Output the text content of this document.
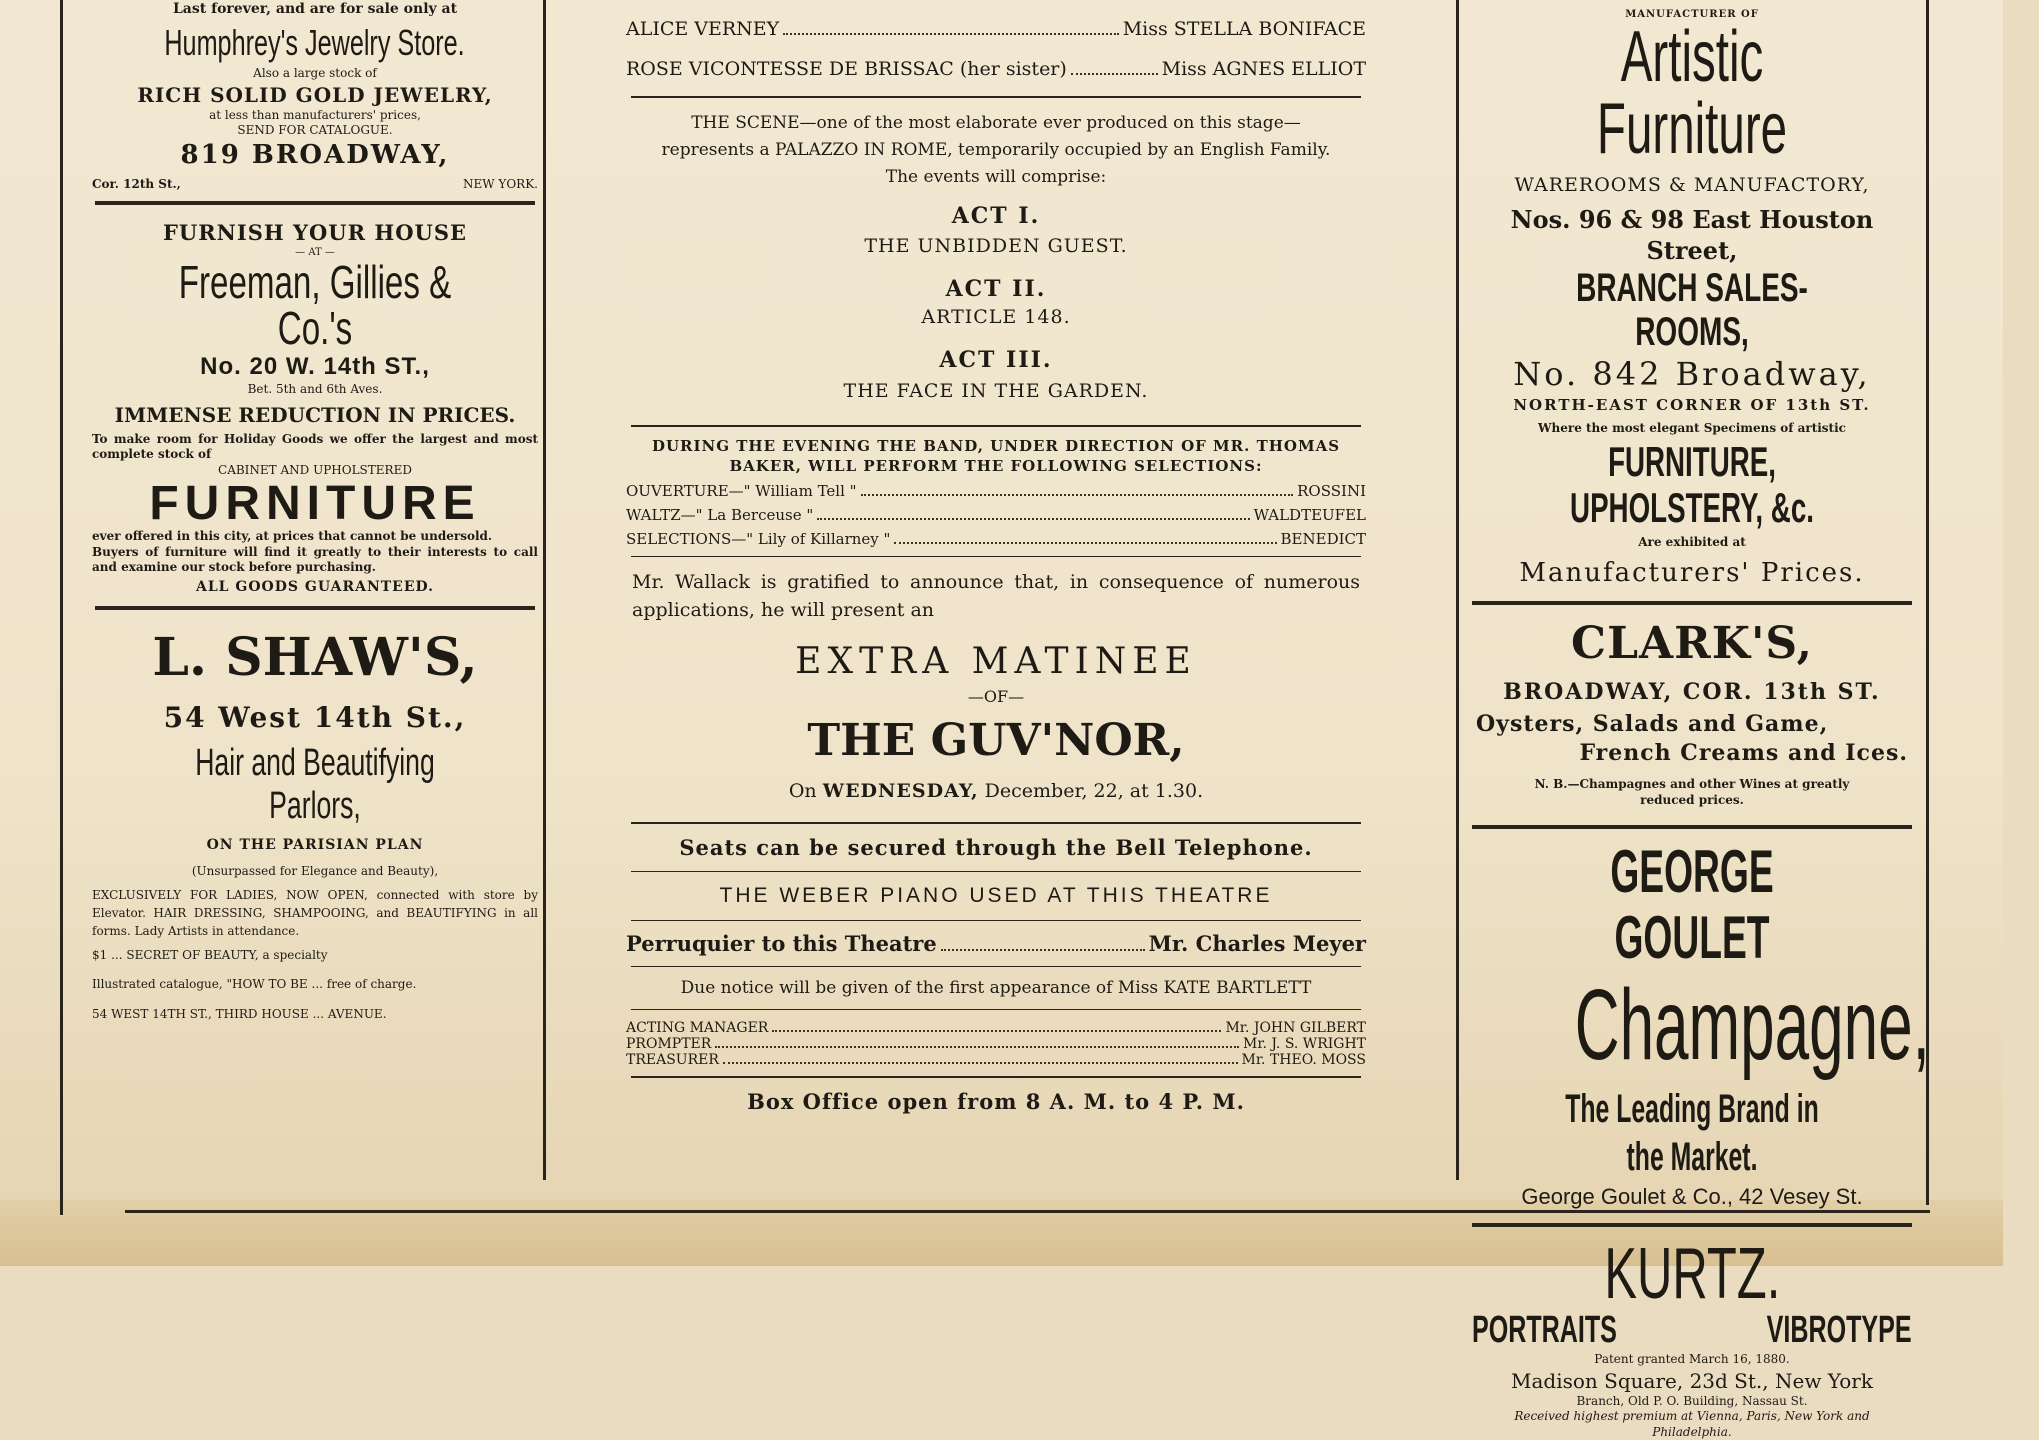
Last forever, and are for sale only at

Humphrey's Jewelry Store.

Also a large stock of

RICH SOLID GOLD JEWELRY,

at less than manufacturers' prices,

SEND FOR CATALOGUE.

819 BROADWAY,

Cor. 12th St.,	NEW YORK.

FURNISH YOUR HOUSE

— AT —

Freeman, Gillies & Co.'s

No. 20 W. 14th ST.,

Bet. 5th and 6th Aves.

IMMENSE REDUCTION IN PRICES.

To make room for Holiday Goods we offer the largest and most complete stock of

CABINET AND UPHOLSTERED

FURNITURE

ever offered in this city, at prices that cannot be undersold.

Buyers of furniture will find it greatly to their interests to call and examine our stock before purchasing.

ALL GOODS GUARANTEED.

L. SHAW'S,

54 West 14th St.,

Hair and Beautifying Parlors,

ON THE PARISIAN PLAN

(Unsurpassed for Elegance and Beauty),

EXCLUSIVELY FOR LADIES, NOW OPEN, connected with store by Elevator. HAIR DRESSING, SHAMPOOING, and BEAUTIFYING in all forms. Lady Artists in attendance.

$1 ... SECRET OF BEAUTY, a specialty

Illustrated catalogue, "HOW TO BE ... free of charge.

54 WEST 14TH ST., THIRD HOUSE ... AVENUE.

ALICE VERNEY	Miss STELLA BONIFACE
ROSE VICONTESSE DE BRISSAC (her sister)	Miss AGNES ELLIOT

THE SCENE—one of the most elaborate ever produced on this stage—represents a PALAZZO IN ROME, temporarily occupied by an English Family. The events will comprise:

ACT I.

THE UNBIDDEN GUEST.

ACT II.

ARTICLE 148.

ACT III.

THE FACE IN THE GARDEN.

DURING THE EVENING THE BAND, UNDER DIRECTION OF MR. THOMAS BAKER, WILL PERFORM THE FOLLOWING SELECTIONS:

OUVERTURE—" William Tell "	ROSSINI
WALTZ—" La Berceuse "	WALDTEUFEL
SELECTIONS—" Lily of Killarney "	BENEDICT

Mr. Wallack is gratified to announce that, in consequence of numerous applications, he will present an

EXTRA MATINEE

—OF—

THE GUV'NOR,

On WEDNESDAY, December, 22, at 1.30.

Seats can be secured through the Bell Telephone.

THE WEBER PIANO USED AT THIS THEATRE

Perruquier to this Theatre	Mr. Charles Meyer

Due notice will be given of the first appearance of Miss KATE BARTLETT

ACTING MANAGER	Mr. JOHN GILBERT
PROMPTER	Mr. J. S. WRIGHT
TREASURER	Mr. THEO. MOSS

Box Office open from 8 A. M. to 4 P. M.

MANUFACTURER OF

Artistic Furniture

WAREROOMS & MANUFACTORY,

Nos. 96 & 98 East Houston Street,

BRANCH SALES-ROOMS,

No. 842 Broadway,

NORTH-EAST CORNER OF 13th ST.

Where the most elegant Specimens of artistic

FURNITURE, UPHOLSTERY, &c.

Are exhibited at

Manufacturers' Prices.

CLARK'S,

BROADWAY, COR. 13th ST.

Oysters, Salads and Game,

French Creams and Ices.

N. B.—Champagnes and other Wines at greatly reduced prices.

GEORGE GOULET
Champagne,
The Leading Brand in the Market.

George Goulet & Co., 42 Vesey St.

KURTZ.
PORTRAITS	VIBROTYPE

Patent granted March 16, 1880.

Madison Square, 23d St., New York

Branch, Old P. O. Building, Nassau St.

Received highest premium at Vienna, Paris, New York and Philadelphia.
